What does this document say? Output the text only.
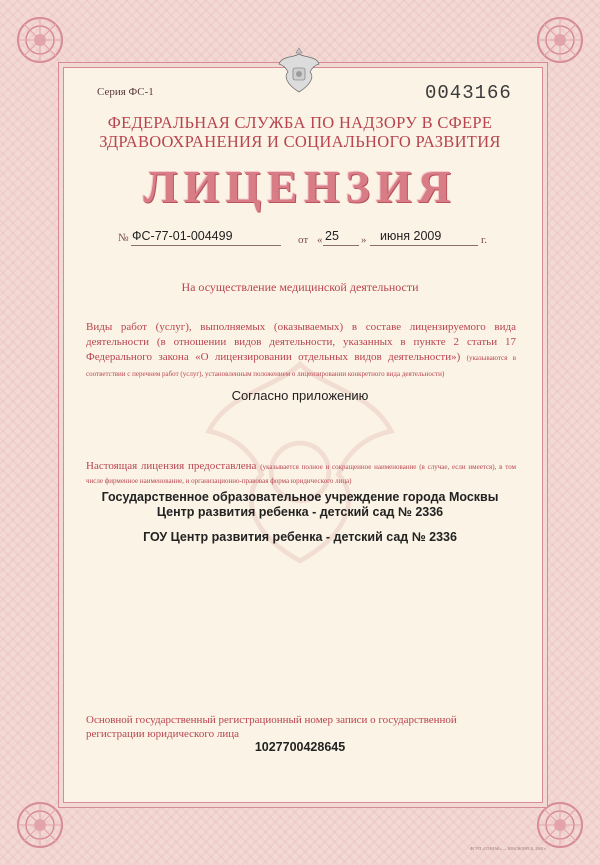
Серия ФС-1	0043166
ФЕДЕРАЛЬНАЯ СЛУЖБА ПО НАДЗОРУ В СФЕРЕ
ЗДРАВООХРАНЕНИЯ И СОЦИАЛЬНОГО РАЗВИТИЯ
ЛИЦЕНЗИЯ
№ ФС-77-01-004499	от « 25 » июня 2009	г.
На осуществление медицинской деятельности
Виды работ (услуг), выполняемых (оказываемых) в составе лицензируемого вида деятельности (в отношении видов деятельности, указанных в пункте 2 статьи 17 Федерального закона «О лицензировании отдельных видов деятельности») (указываются в соответствии с перечнем работ (услуг), установленным положением о лицензировании конкретного вида деятельности)
Согласно приложению
Настоящая лицензия предоставлена (указывается полное и сокращенное наименование (в случае, если имеется), в том числе фирменное наименование, и организационно-правовая форма юридического лица)
Государственное образовательное учреждение города Москвы
Центр развития ребенка - детский сад № 2336
ГОУ Центр развития ребенка - детский сад № 2336
Основной государственный регистрационный номер записи о государственной регистрации юридического лица
1027700428645
ФГУП «ГОЗНАК» — КРАСНОЯРСК, 2008 г.
